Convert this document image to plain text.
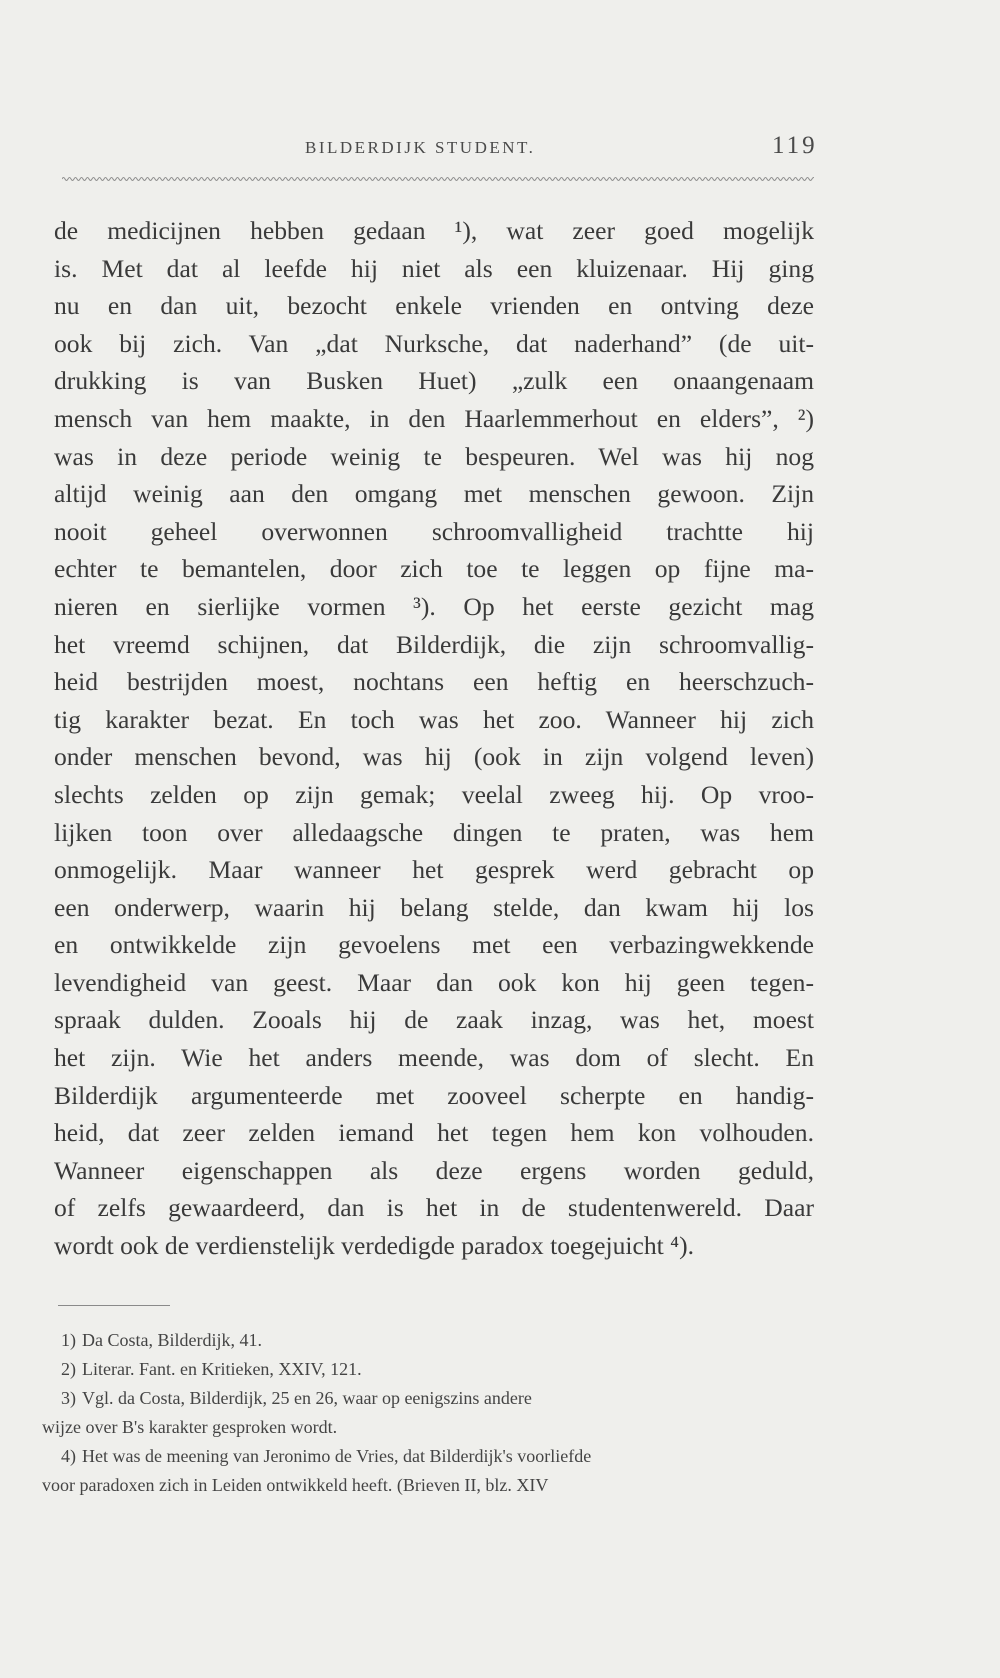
BILDERDIJK STUDENT.	119
de medicijnen hebben gedaan ¹), wat zeer goed mogelijk
is. Met dat al leefde hij niet als een kluizenaar. Hij ging
nu en dan uit, bezocht enkele vrienden en ontving deze
ook bij zich. Van „dat Nurksche, dat naderhand” (de uit-
drukking is van Busken Huet) „zulk een onaangenaam
mensch van hem maakte, in den Haarlemmerhout en elders”, ²)
was in deze periode weinig te bespeuren. Wel was hij nog
altijd weinig aan den omgang met menschen gewoon. Zijn
nooit geheel overwonnen schroomvalligheid trachtte hij
echter te bemantelen, door zich toe te leggen op fijne ma-
nieren en sierlijke vormen ³). Op het eerste gezicht mag
het vreemd schijnen, dat Bilderdijk, die zijn schroomvallig-
heid bestrijden moest, nochtans een heftig en heerschzuch-
tig karakter bezat. En toch was het zoo. Wanneer hij zich
onder menschen bevond, was hij (ook in zijn volgend leven)
slechts zelden op zijn gemak; veelal zweeg hij. Op vroo-
lijken toon over alledaagsche dingen te praten, was hem
onmogelijk. Maar wanneer het gesprek werd gebracht op
een onderwerp, waarin hij belang stelde, dan kwam hij los
en ontwikkelde zijn gevoelens met een verbazingwekkende
levendigheid van geest. Maar dan ook kon hij geen tegen-
spraak dulden. Zooals hij de zaak inzag, was het, moest
het zijn. Wie het anders meende, was dom of slecht. En
Bilderdijk argumenteerde met zooveel scherpte en handig-
heid, dat zeer zelden iemand het tegen hem kon volhouden.
Wanneer eigenschappen als deze ergens worden geduld,
of zelfs gewaardeerd, dan is het in de studentenwereld. Daar
wordt ook de verdienstelijk verdedigde paradox toegejuicht ⁴).
1) Da Costa, Bilderdijk, 41.
2) Literar. Fant. en Kritieken, XXIV, 121.
3) Vgl. da Costa, Bilderdijk, 25 en 26, waar op eenigszins andere
wijze over B's karakter gesproken wordt.
4) Het was de meening van Jeronimo de Vries, dat Bilderdijk's voorliefde
voor paradoxen zich in Leiden ontwikkeld heeft. (Brieven II, blz. XIV
